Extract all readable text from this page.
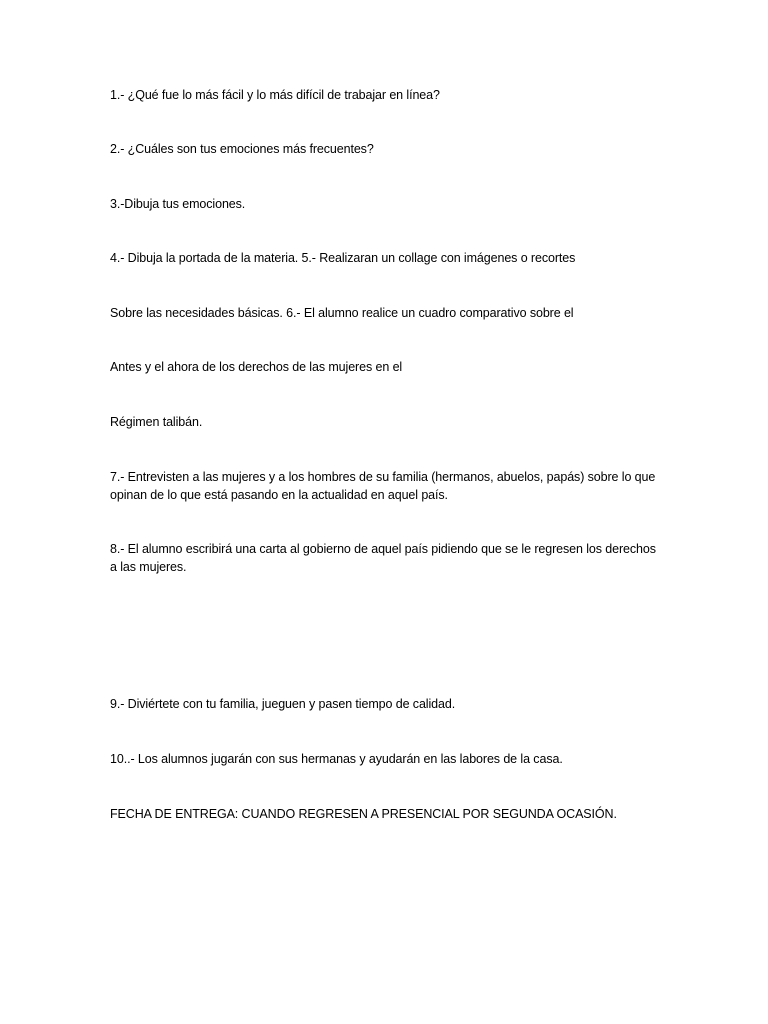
1.- ¿Qué fue lo más fácil y lo más difícil de trabajar en línea?
2.- ¿Cuáles son tus emociones más frecuentes?
3.-Dibuja tus emociones.
4.- Dibuja la portada de la materia. 5.- Realizaran un collage con imágenes o recortes
Sobre las necesidades básicas. 6.- El alumno realice un cuadro comparativo sobre el
Antes y el ahora de los derechos de las mujeres en el
Régimen talibán.
7.- Entrevisten a las mujeres y a los hombres de su familia (hermanos, abuelos, papás) sobre lo que opinan de lo que está pasando en la actualidad en aquel país.
8.- El alumno escribirá una carta al gobierno de aquel país pidiendo que se le regresen los derechos a las mujeres.
9.- Diviértete con tu familia, jueguen y pasen tiempo de calidad.
10..- Los alumnos jugarán con sus hermanas y ayudarán en las labores de la casa.
FECHA DE ENTREGA: CUANDO REGRESEN A PRESENCIAL POR SEGUNDA OCASIÓN.
